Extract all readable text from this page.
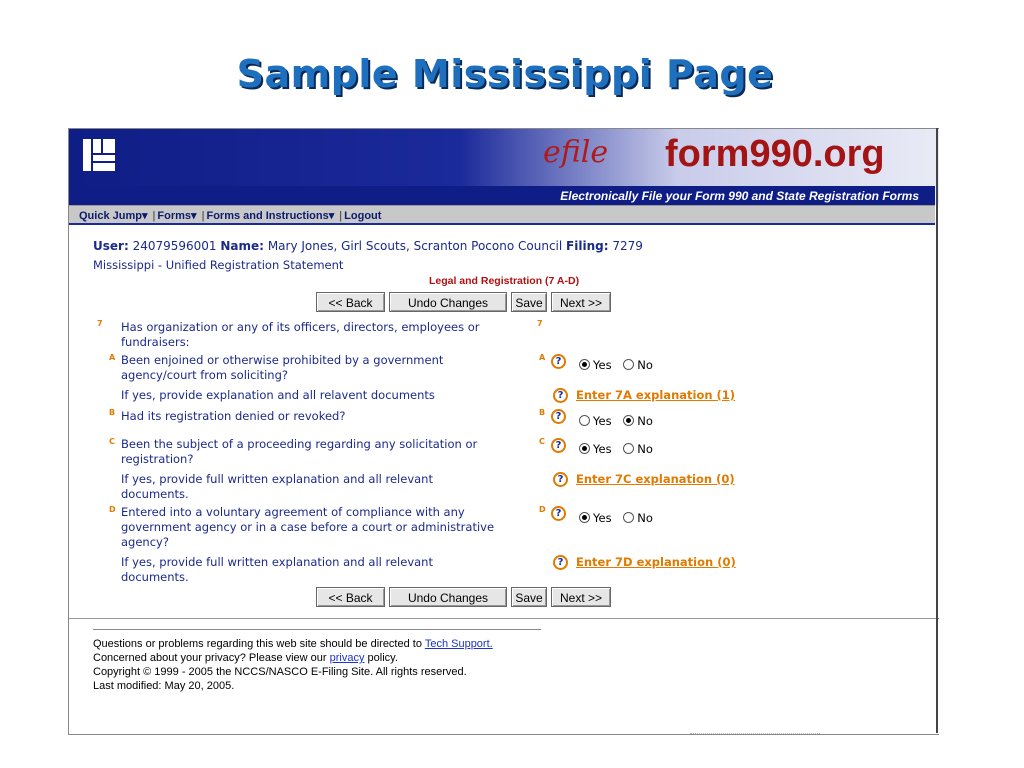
Sample Mississippi Page
efile form990.org
Electronically File your Form 990 and State Registration Forms
Quick Jump▾ | Forms▾ | Forms and Instructions▾ | Logout
User: 24079596001 Name: Mary Jones, Girl Scouts, Scranton Pocono Council Filing: 7279
Mississippi - Unified Registration Statement
Legal and Registration (7 A-D)
<< Back	Undo Changes	Save	Next >>
7 Has organization or any of its officers, directors, employees or fundraisers:
7
A Been enjoined or otherwise prohibited by a government agency/court from soliciting?
A	?	Yes No
If yes, provide explanation and all relavent documents	?	Enter 7A explanation (1)
B Had its registration denied or revoked?	B	?	Yes No
C Been the subject of a proceeding regarding any solicitation or registration?
C	?	Yes No
If yes, provide full written explanation and all relevant documents.
?	Enter 7C explanation (0)
D Entered into a voluntary agreement of compliance with any government agency or in a case before a court or administrative agency?
D ?	Yes No
If yes, provide full written explanation and all relevant documents.
?	Enter 7D explanation (0)
<< Back	Undo Changes	Save	Next >>
Questions or problems regarding this web site should be directed to Tech Support.
Concerned about your privacy? Please view our privacy policy.
Copyright © 1999 - 2005 the NCCS/NASCO E-Filing Site. All rights reserved.
Last modified: May 20, 2005.
